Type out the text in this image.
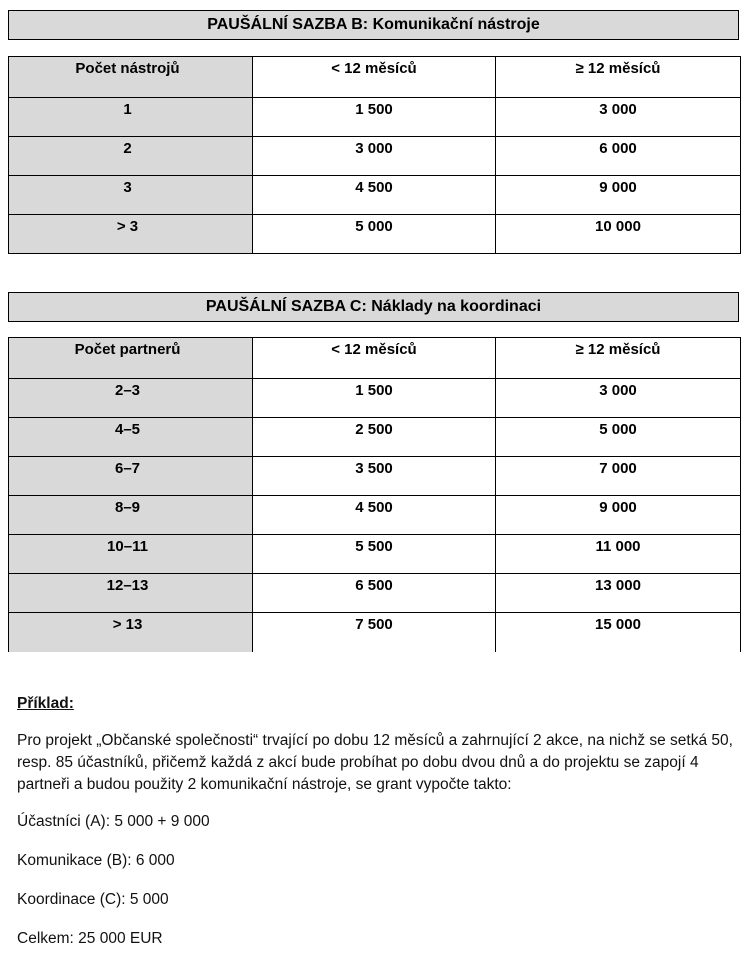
PAUŠÁLNÍ SAZBA B: Komunikační nástroje
Počet nástrojů	< 12 měsíců	≥ 12 měsíců
1	1 500	3 000
2	3 000	6 000
3	4 500	9 000
> 3	5 000	10 000
PAUŠÁLNÍ SAZBA C: Náklady na koordinaci
Počet partnerů	< 12 měsíců	≥ 12 měsíců
2–3	1 500	3 000
4–5	2 500	5 000
6–7	3 500	7 000
8–9	4 500	9 000
10–11	5 500	11 000
12–13	6 500	13 000
> 13	7 500	15 000
Příklad:

Pro projekt „Občanské společnosti“ trvající po dobu 12 měsíců a zahrnující 2 akce, na nichž se setká 50, resp. 85 účastníků, přičemž každá z akcí bude probíhat po dobu dvou dnů a do projektu se zapojí 4 partneři a budou použity 2 komunikační nástroje, se grant vypočte takto:

Účastníci (A): 5 000 + 9 000

Komunikace (B): 6 000

Koordinace (C): 5 000

Celkem: 25 000 EUR
